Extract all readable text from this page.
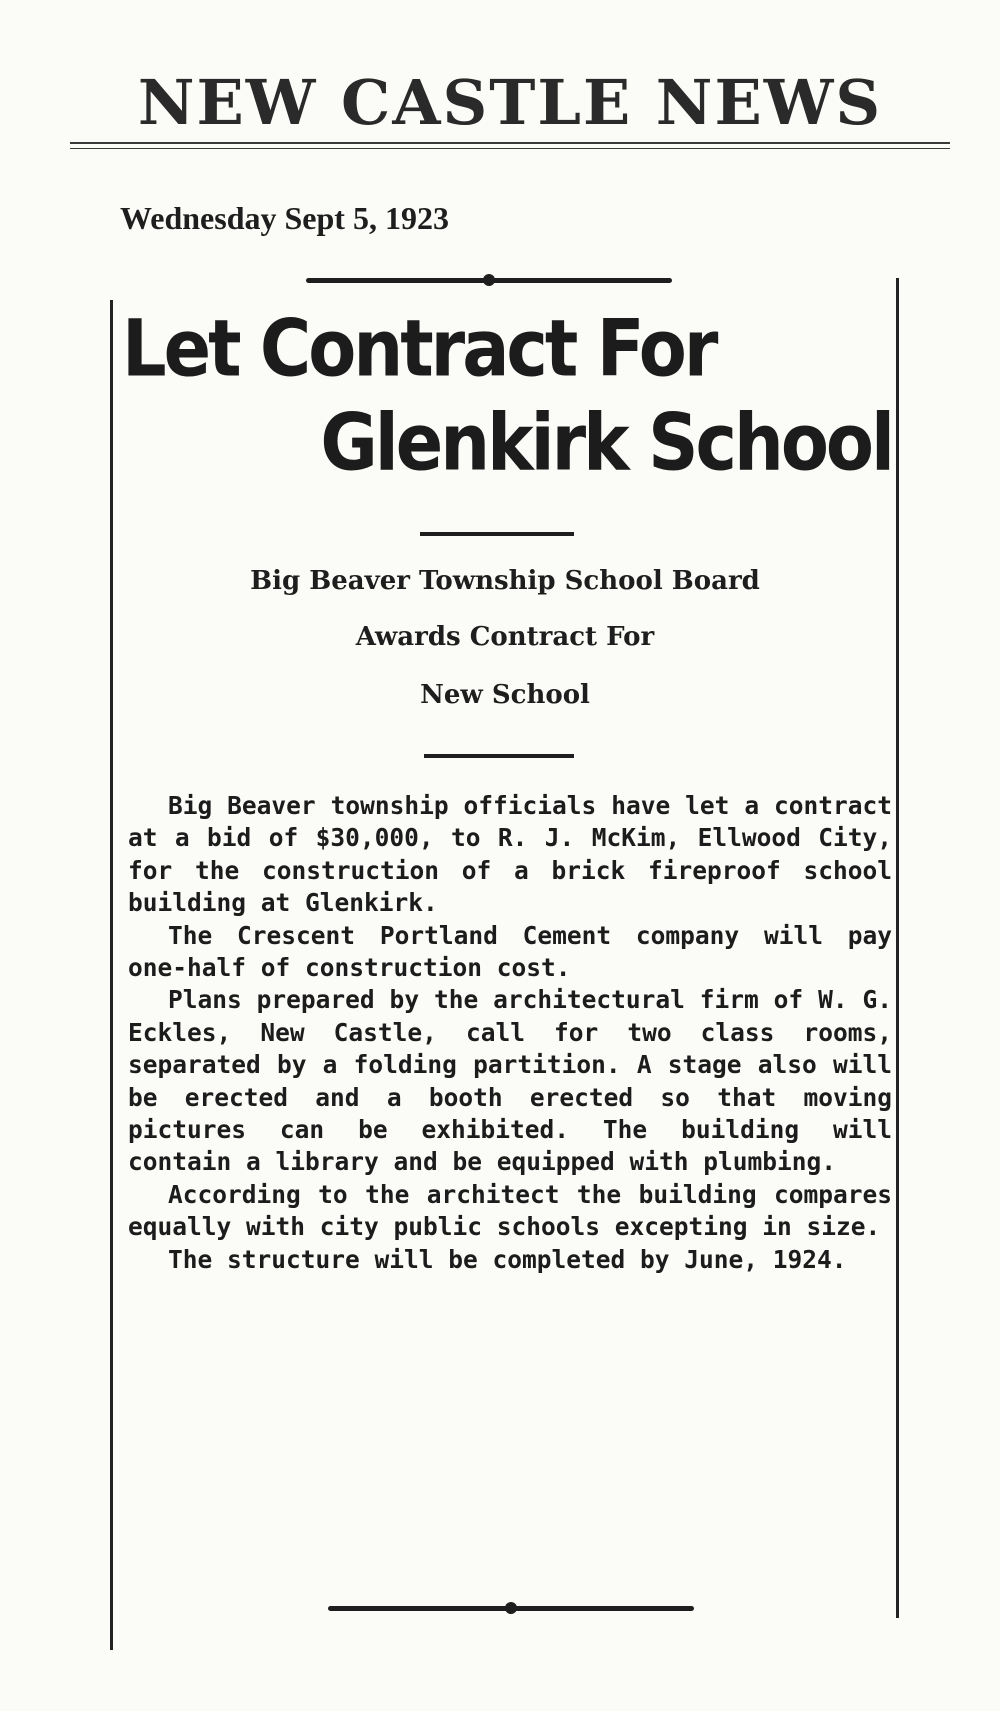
NEW CASTLE NEWS
Wednesday Sept 5, 1923
Let Contract For
Glenkirk School
Big Beaver Township School Board
Awards Contract For
New School

Big Beaver township officials have let a contract at a bid of $30,000, to R. J. McKim, Ellwood City, for the construction of a brick fireproof school building at Glenkirk.

The Crescent Portland Cement company will pay one-half of construction cost.

Plans prepared by the architectural firm of W. G. Eckles, New Castle, call for two class rooms, separated by a folding partition. A stage also will be erected and a booth erected so that moving pictures can be exhibited. The building will contain a library and be equipped with plumbing.

According to the architect the building compares equally with city public schools excepting in size.

The structure will be completed by June, 1924.
